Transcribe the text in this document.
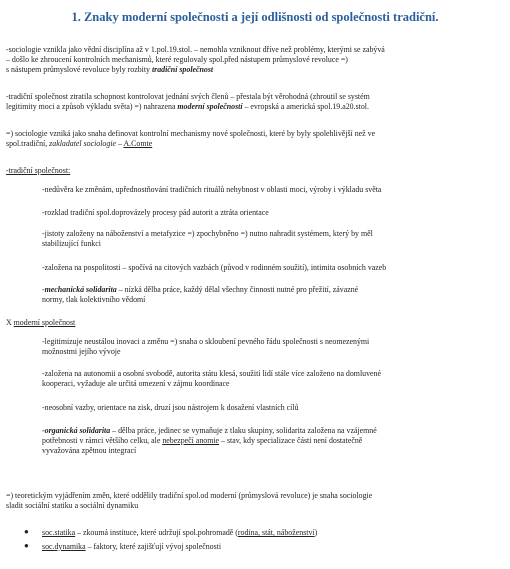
1. Znaky moderní společnosti a její odlišnosti od společnosti tradiční.
-sociologie vznikla jako vědní disciplína až v 1.pol.19.stol. – nemohla vzniknout dříve než problémy, kterými se zabývá
– došlo ke zhroucení kontrolních mechanismů, které regulovaly spol.před nástupem průmyslové revoluce =)
s nástupem průmyslové revoluce byly rozbity tradiční společnost
-tradiční společnost ztratila schopnost kontrolovat jednání svých členů – přestala být věrohodná (zhroutil se systém
legitimity moci a způsob výkladu světa) =) nahrazena moderní společností – evropská a americká spol.19.a20.stol.
=) sociologie vzniká jako snaha definovat kontrolní mechanismy nové společnosti, které by byly spolehlivější než ve
spol.tradiční, zakladatel sociologie – A.Comte
-tradiční společnost:
-nedůvěra ke změnám, upřednostňování tradičních rituálů nehybnost v oblasti moci, výroby i výkladu světa
-rozklad tradiční spol.doprovázely procesy pád autorit a ztráta orientace
-jistoty založeny na náboženství a metafyzice =) zpochybněno =) nutno nahradit systémem, který by měl
stabilizující funkci
-založena na pospolitosti – spočívá na citových vazbách (původ v rodinném soužití), intimita osobních vazeb
-mechanická solidarita – nízká dělba práce, každý dělal všechny činnosti nutné pro přežití, závazné
normy, tlak kolektivního vědomí
X moderní společnost
-legitimizuje neustálou inovaci a změnu =) snaha o skloubení pevného řádu společnosti s neomezenými
možnostmi jejího vývoje
-založena na autonomii a osobní svobodě, autorita státu klesá, soužití lidí stále více založeno na domluvené
kooperaci, vyžaduje ale určitá omezení v zájmu koordinace
-neosobní vazby, orientace na zisk, druzí jsou nástrojem k dosažení vlastních cílů
-organická solidarita – dělba práce, jedinec se vymaňuje z tlaku skupiny, solidarita založena na vzájemné
potřebnosti v rámci většího celku, ale nebezpečí anomie – stav, kdy specializace části není dostatečně
vyvažována zpětnou integrací
=) teoretickým vyjádřením změn, které oddělily tradiční spol.od moderní (průmyslová revoluce) je snaha sociologie
sladit sociální statiku a sociální dynamiku
● soc.statika – zkoumá instituce, které udržují spol.pohromadě (rodina, stát, náboženství)
● soc.dynamika – faktory, které zajišťují vývoj společnosti
